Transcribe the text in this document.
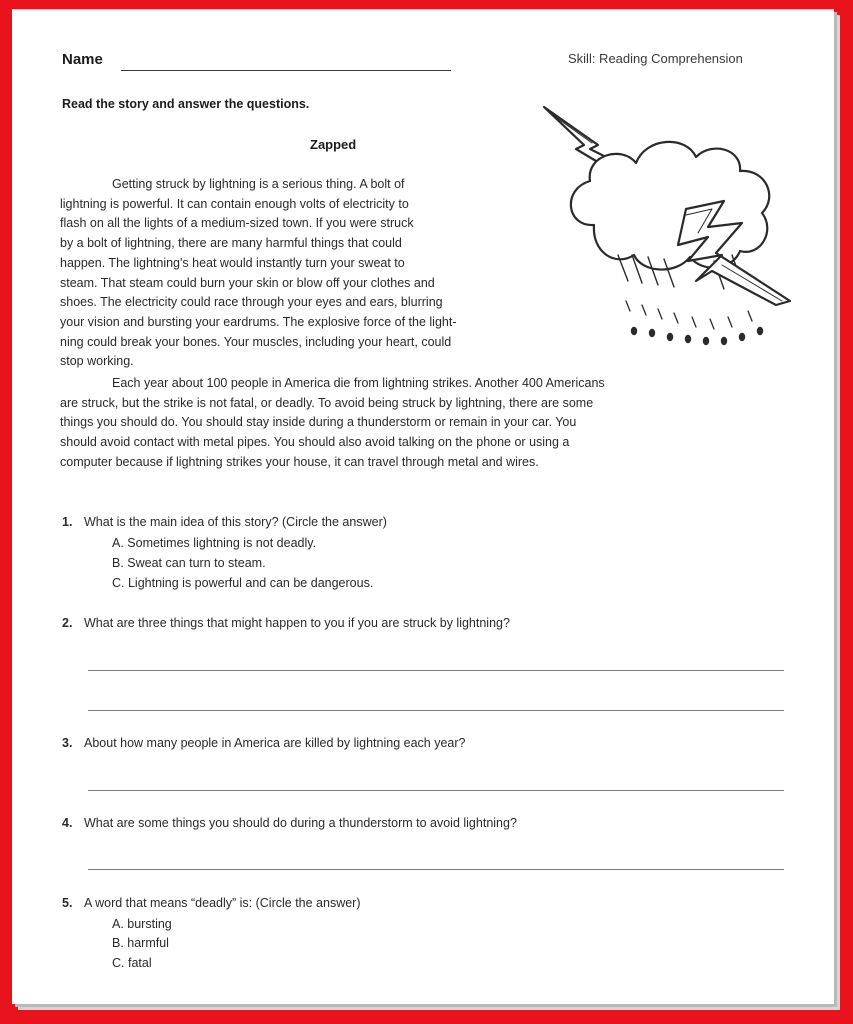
Name	Skill: Reading Comprehension
Read the story and answer the questions.
Zapped
Getting struck by lightning is a serious thing. A bolt of
lightning is powerful. It can contain enough volts of electricity to
flash on all the lights of a medium-sized town. If you were struck
by a bolt of lightning, there are many harmful things that could
happen. The lightning's heat would instantly turn your sweat to
steam. That steam could burn your skin or blow off your clothes and
shoes. The electricity could race through your eyes and ears, blurring
your vision and bursting your eardrums. The explosive force of the light-
ning could break your bones. Your muscles, including your heart, could
stop working.
Each year about 100 people in America die from lightning strikes. Another 400 Americans
are struck, but the strike is not fatal, or deadly. To avoid being struck by lightning, there are some
things you should do. You should stay inside during a thunderstorm or remain in your car. You
should avoid contact with metal pipes. You should also avoid talking on the phone or using a
computer because if lightning strikes your house, it can travel through metal and wires.
1. What is the main idea of this story? (Circle the answer)
A. Sometimes lightning is not deadly.
B. Sweat can turn to steam.
C. Lightning is powerful and can be dangerous.
2. What are three things that might happen to you if you are struck by lightning?
3. About how many people in America are killed by lightning each year?
4. What are some things you should do during a thunderstorm to avoid lightning?
5. A word that means “deadly” is: (Circle the answer)
A. bursting
B. harmful
C. fatal
